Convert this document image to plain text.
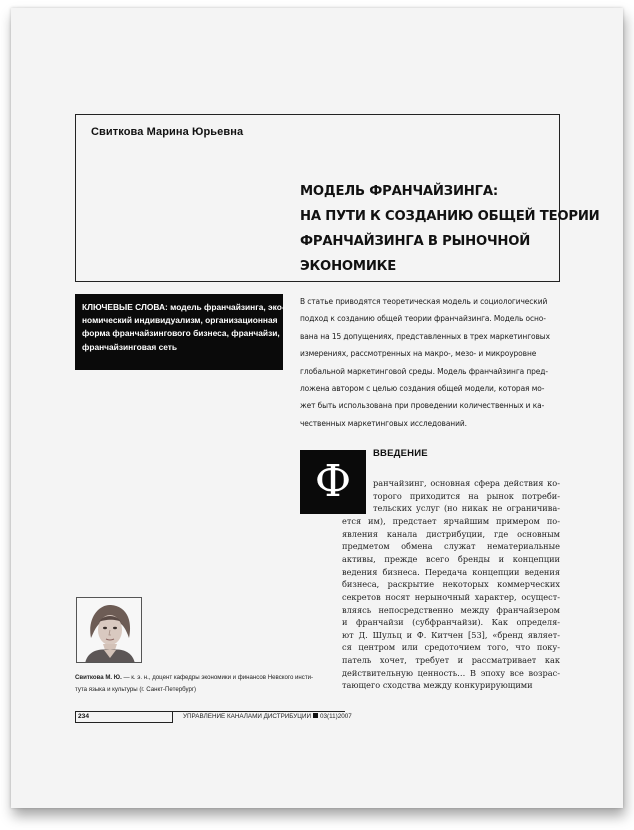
Свиткова Марина Юрьевна
МОДЕЛЬ ФРАНЧАЙЗИНГА:
НА ПУТИ К СОЗДАНИЮ ОБЩЕЙ ТЕОРИИ
ФРАНЧАЙЗИНГА В РЫНОЧНОЙ
ЭКОНОМИКЕ
КЛЮЧЕВЫЕ СЛОВА: модель франчайзинга, эко-
номический индивидуализм, организационная
форма франчайзингового бизнеса, франчайзи,
франчайзинговая сеть
В статье приводятся теоретическая модель и социологический
подход к созданию общей теории франчайзинга. Модель осно-
вана на 15 допущениях, представленных в трех маркетинговых
измерениях, рассмотренных на макро-, мезо- и микроуровне
глобальной маркетинговой среды. Модель франчайзинга пред-
ложена автором с целью создания общей модели, которая мо-
жет быть использована при проведении количественных и ка-
чественных маркетинговых исследований.
Ф
ВВЕДЕНИЕ
ранчайзинг, основная сфера действия ко-
торого приходится на рынок потреби-
тельских услуг (но никак не ограничива-
ется им), предстает ярчайшим примером по-
явления канала дистрибуции, где основным
предметом обмена служат нематериальные
активы, прежде всего бренды и концепции
ведения бизнеса. Передача концепции ведения
бизнеса, раскрытие некоторых коммерческих
секретов носят нерыночный характер, осущест-
вляясь непосредственно между франчайзером
и франчайзи (субфранчайзи). Как определя-
ют Д. Шульц и Ф. Китчен [53], «бренд являет-
ся центром или средоточием того, что поку-
патель хочет, требует и рассматривает как
действительную ценность… В эпоху все возрас-
тающего сходства между конкурирующими
Свиткова М. Ю. — к. э. н., доцент кафедры экономики и финансов Невского инсти-
тута языка и культуры (г. Санкт-Петербург)
234	УПРАВЛЕНИЕ КАНАЛАМИ ДИСТРИБУЦИИ 03(11)2007
